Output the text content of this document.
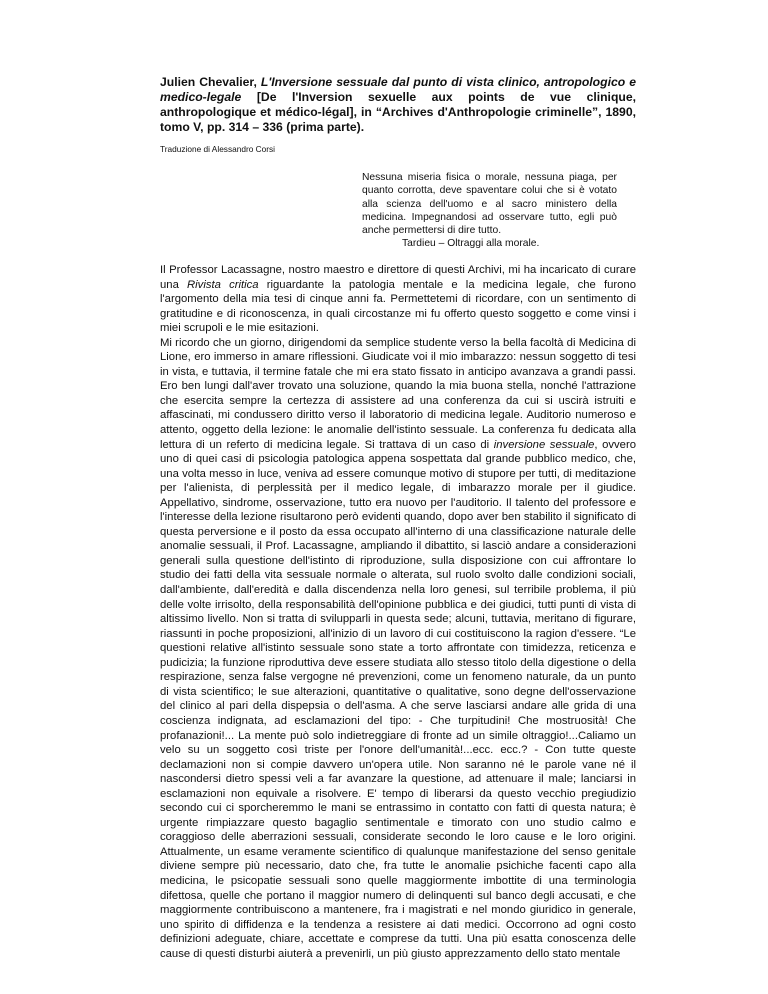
Julien Chevalier, L'Inversione sessuale dal punto di vista clinico, antropologico e medico-legale [De l'Inversion sexuelle aux points de vue clinique, anthropologique et médico-légal], in “Archives d'Anthropologie criminelle”, 1890, tomo V, pp. 314 – 336 (prima parte).

Traduzione di Alessandro Corsi

Nessuna miseria fisica o morale, nessuna piaga, per quanto corrotta, deve spaventare colui che si è votato alla scienza dell'uomo e al sacro ministero della medicina. Impegnandosi ad osservare tutto, egli può anche permettersi di dire tutto.

Tardieu – Oltraggi alla morale.

Il Professor Lacassagne, nostro maestro e direttore di questi Archivi, mi ha incaricato di curare una Rivista critica riguardante la patologia mentale e la medicina legale, che furono l'argomento della mia tesi di cinque anni fa. Permettetemi di ricordare, con un sentimento di gratitudine e di riconoscenza, in quali circostanze mi fu offerto questo soggetto e come vinsi i miei scrupoli e le mie esitazioni.

Mi ricordo che un giorno, dirigendomi da semplice studente verso la bella facoltà di Medicina di Lione, ero immerso in amare riflessioni. Giudicate voi il mio imbarazzo: nessun soggetto di tesi in vista, e tuttavia, il termine fatale che mi era stato fissato in anticipo avanzava a grandi passi. Ero ben lungi dall'aver trovato una soluzione, quando la mia buona stella, nonché l'attrazione che esercita sempre la certezza di assistere ad una conferenza da cui si uscirà istruiti e affascinati, mi condussero diritto verso il laboratorio di medicina legale. Auditorio numeroso e attento, oggetto della lezione: le anomalie dell'istinto sessuale. La conferenza fu dedicata alla lettura di un referto di medicina legale. Si trattava di un caso di inversione sessuale, ovvero uno di quei casi di psicologia patologica appena sospettata dal grande pubblico medico, che, una volta messo in luce, veniva ad essere comunque motivo di stupore per tutti, di meditazione per l'alienista, di perplessità per il medico legale, di imbarazzo morale per il giudice. Appellativo, sindrome, osservazione, tutto era nuovo per l'auditorio. Il talento del professore e l'interesse della lezione risultarono però evidenti quando, dopo aver ben stabilito il significato di questa perversione e il posto da essa occupato all'interno di una classificazione naturale delle anomalie sessuali, il Prof. Lacassagne, ampliando il dibattito, si lasciò andare a considerazioni generali sulla questione dell'istinto di riproduzione, sulla disposizione con cui affrontare lo studio dei fatti della vita sessuale normale o alterata, sul ruolo svolto dalle condizioni sociali, dall'ambiente, dall'eredità e dalla discendenza nella loro genesi, sul terribile problema, il più delle volte irrisolto, della responsabilità dell'opinione pubblica e dei giudici, tutti punti di vista di altissimo livello. Non si tratta di svilupparli in questa sede; alcuni, tuttavia, meritano di figurare, riassunti in poche proposizioni, all'inizio di un lavoro di cui costituiscono la ragion d'essere. “Le questioni relative all'istinto sessuale sono state a torto affrontate con timidezza, reticenza e pudicizia; la funzione riproduttiva deve essere studiata allo stesso titolo della digestione o della respirazione, senza false vergogne né prevenzioni, come un fenomeno naturale, da un punto di vista scientifico; le sue alterazioni, quantitative o qualitative, sono degne dell'osservazione del clinico al pari della dispepsia o dell'asma. A che serve lasciarsi andare alle grida di una coscienza indignata, ad esclamazioni del tipo: - Che turpitudini! Che mostruosità! Che profanazioni!... La mente può solo indietreggiare di fronte ad un simile oltraggio!...Caliamo un velo su un soggetto così triste per l'onore dell'umanità!...ecc. ecc.? - Con tutte queste declamazioni non si compie davvero un'opera utile. Non saranno né le parole vane né il nascondersi dietro spessi veli a far avanzare la questione, ad attenuare il male; lanciarsi in esclamazioni non equivale a risolvere. E' tempo di liberarsi da questo vecchio pregiudizio secondo cui ci sporcheremmo le mani se entrassimo in contatto con fatti di questa natura; è urgente rimpiazzare questo bagaglio sentimentale e timorato con uno studio calmo e coraggioso delle aberrazioni sessuali, considerate secondo le loro cause e le loro origini. Attualmente, un esame veramente scientifico di qualunque manifestazione del senso genitale diviene sempre più necessario, dato che, fra tutte le anomalie psichiche facenti capo alla medicina, le psicopatie sessuali sono quelle maggiormente imbottite di una terminologia difettosa, quelle che portano il maggior numero di delinquenti sul banco degli accusati, e che maggiormente contribuiscono a mantenere, fra i magistrati e nel mondo giuridico in generale, uno spirito di diffidenza e la tendenza a resistere ai dati medici. Occorrono ad ogni costo definizioni adeguate, chiare, accettate e comprese da tutti. Una più esatta conoscenza delle cause di questi disturbi aiuterà a prevenirli, un più giusto apprezzamento dello stato mentale
